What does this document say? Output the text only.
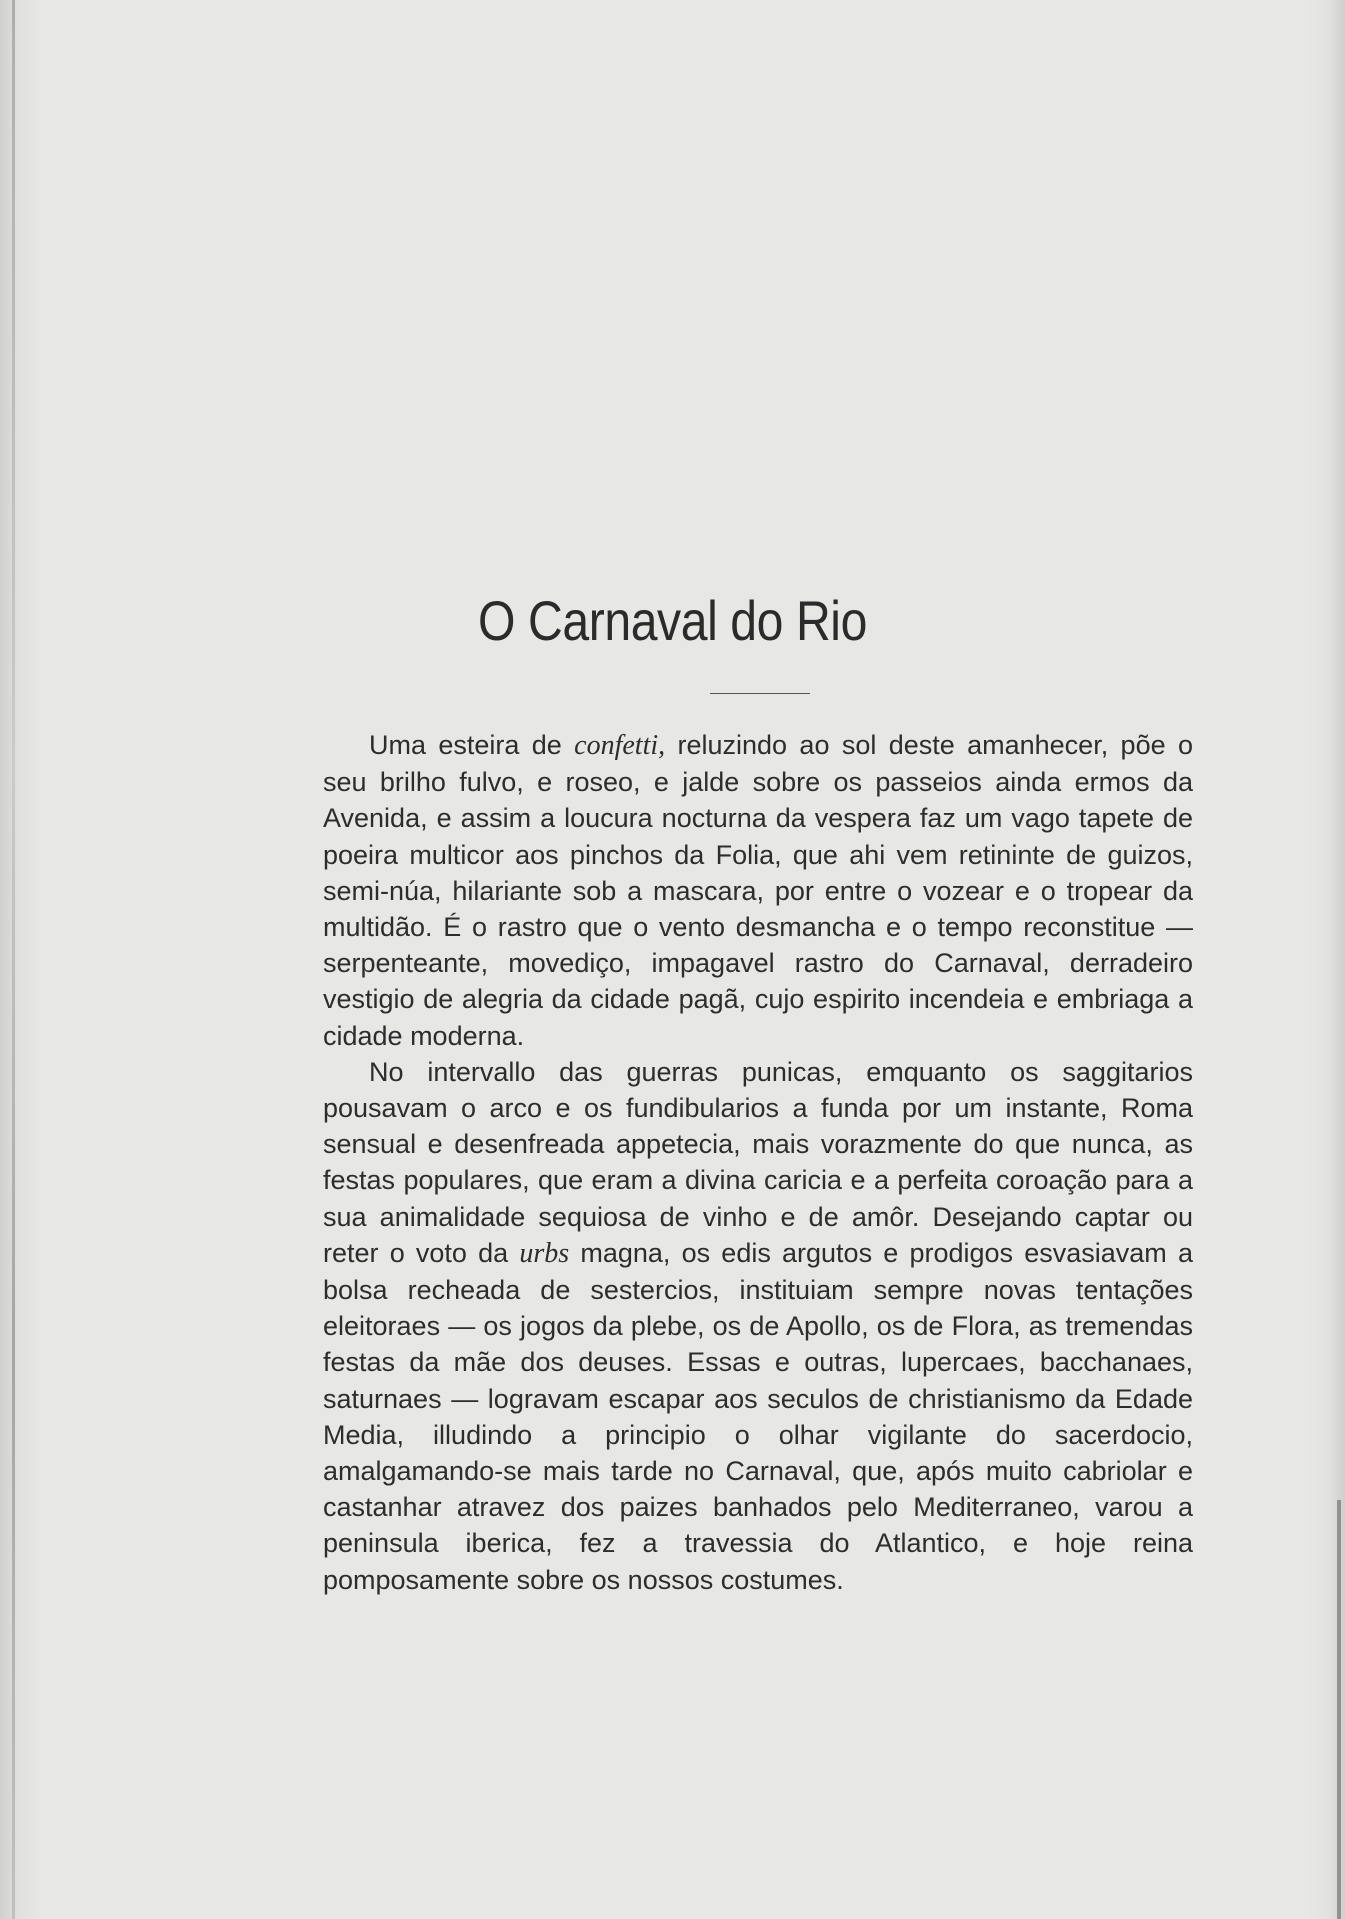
O Carnaval do Rio

Uma esteira de confetti, reluzindo ao sol deste amanhecer, põe o seu brilho fulvo, e roseo, e jalde sobre os passeios ainda ermos da Avenida, e assim a loucura nocturna da vespera faz um vago tapete de poeira multicor aos pinchos da Folia, que ahi vem retininte de guizos, semi-núa, hilariante sob a mascara, por entre o vozear e o tropear da multidão. É o rastro que o vento desmancha e o tempo reconstitue — serpenteante, movediço, impagavel rastro do Carnaval, derradeiro vestigio de alegria da cidade pagã, cujo espirito incendeia e embriaga a cidade moderna.

No intervallo das guerras punicas, emquanto os saggitarios pousavam o arco e os fundibularios a funda por um instante, Roma sensual e desenfreada appetecia, mais vorazmente do que nunca, as festas populares, que eram a divina caricia e a perfeita coroação para a sua animalidade sequiosa de vinho e de amôr. Desejando captar ou reter o voto da urbs magna, os edis argutos e prodigos esvasiavam a bolsa recheada de sestercios, instituiam sempre novas tentações eleitoraes — os jogos da plebe, os de Apollo, os de Flora, as tremendas festas da mãe dos deuses. Essas e outras, lupercaes, bacchanaes, saturnaes — logravam escapar aos seculos de christianismo da Edade Media, illudindo a principio o olhar vigilante do sacerdocio, amalgamando-se mais tarde no Carnaval, que, após muito cabriolar e castanhar atravez dos paizes banhados pelo Mediterraneo, varou a peninsula iberica, fez a travessia do Atlantico, e hoje reina pomposamente sobre os nossos costumes.
